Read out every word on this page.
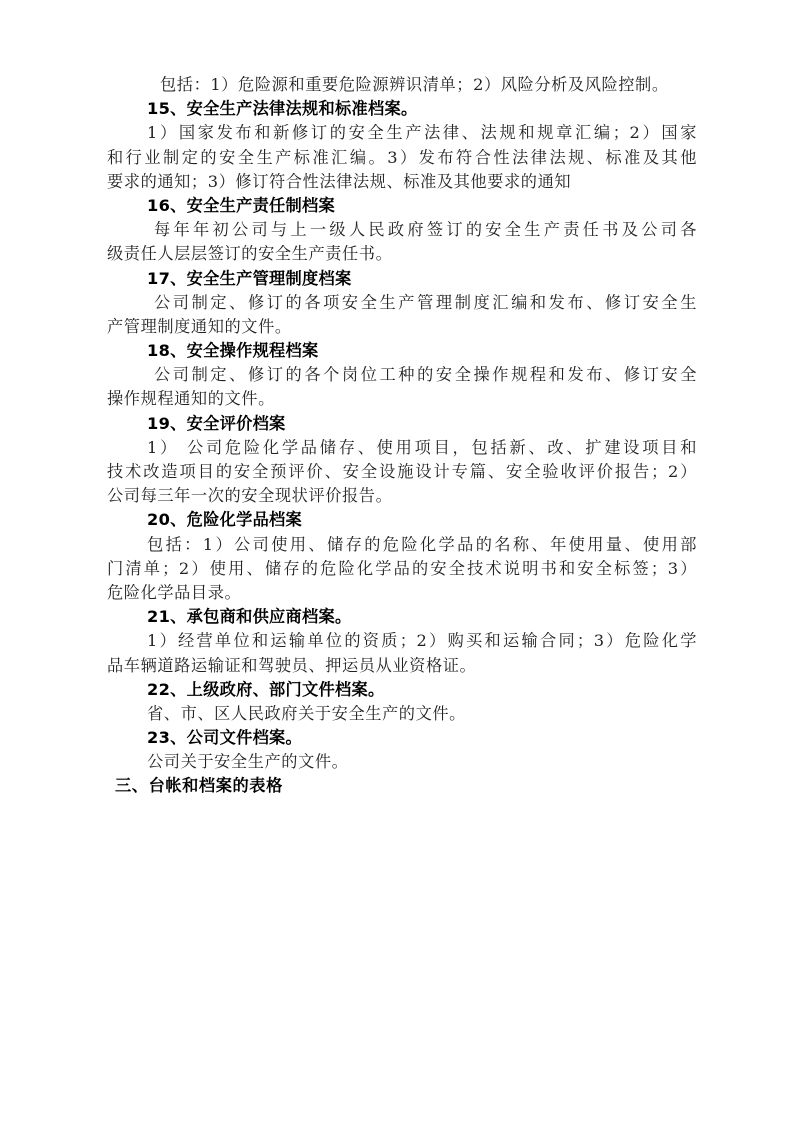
包括：1）危险源和重要危险源辨识清单；2）风险分析及风险控制。
15、安全生产法律法规和标准档案。
1）国家发布和新修订的安全生产法律、法规和规章汇编；2）国家
和行业制定的安全生产标准汇编。3）发布符合性法律法规、标准及其他
要求的通知；3）修订符合性法律法规、标准及其他要求的通知
16、安全生产责任制档案
每年年初公司与上一级人民政府签订的安全生产责任书及公司各
级责任人层层签订的安全生产责任书。
17、安全生产管理制度档案
公司制定、修订的各项安全生产管理制度汇编和发布、修订安全生
产管理制度通知的文件。
18、安全操作规程档案
公司制定、修订的各个岗位工种的安全操作规程和发布、修订安全
操作规程通知的文件。
19、安全评价档案
1） 公司危险化学品储存、使用项目，包括新、改、扩建设项目和
技术改造项目的安全预评价、安全设施设计专篇、安全验收评价报告；2）
公司每三年一次的安全现状评价报告。
20、危险化学品档案
包括：1）公司使用、储存的危险化学品的名称、年使用量、使用部
门清单；2）使用、储存的危险化学品的安全技术说明书和安全标签；3）
危险化学品目录。
21、承包商和供应商档案。
1）经营单位和运输单位的资质；2）购买和运输合同；3）危险化学
品车辆道路运输证和驾驶员、押运员从业资格证。
22、上级政府、部门文件档案。
省、市、区人民政府关于安全生产的文件。
23、公司文件档案。
公司关于安全生产的文件。
三、台帐和档案的表格
